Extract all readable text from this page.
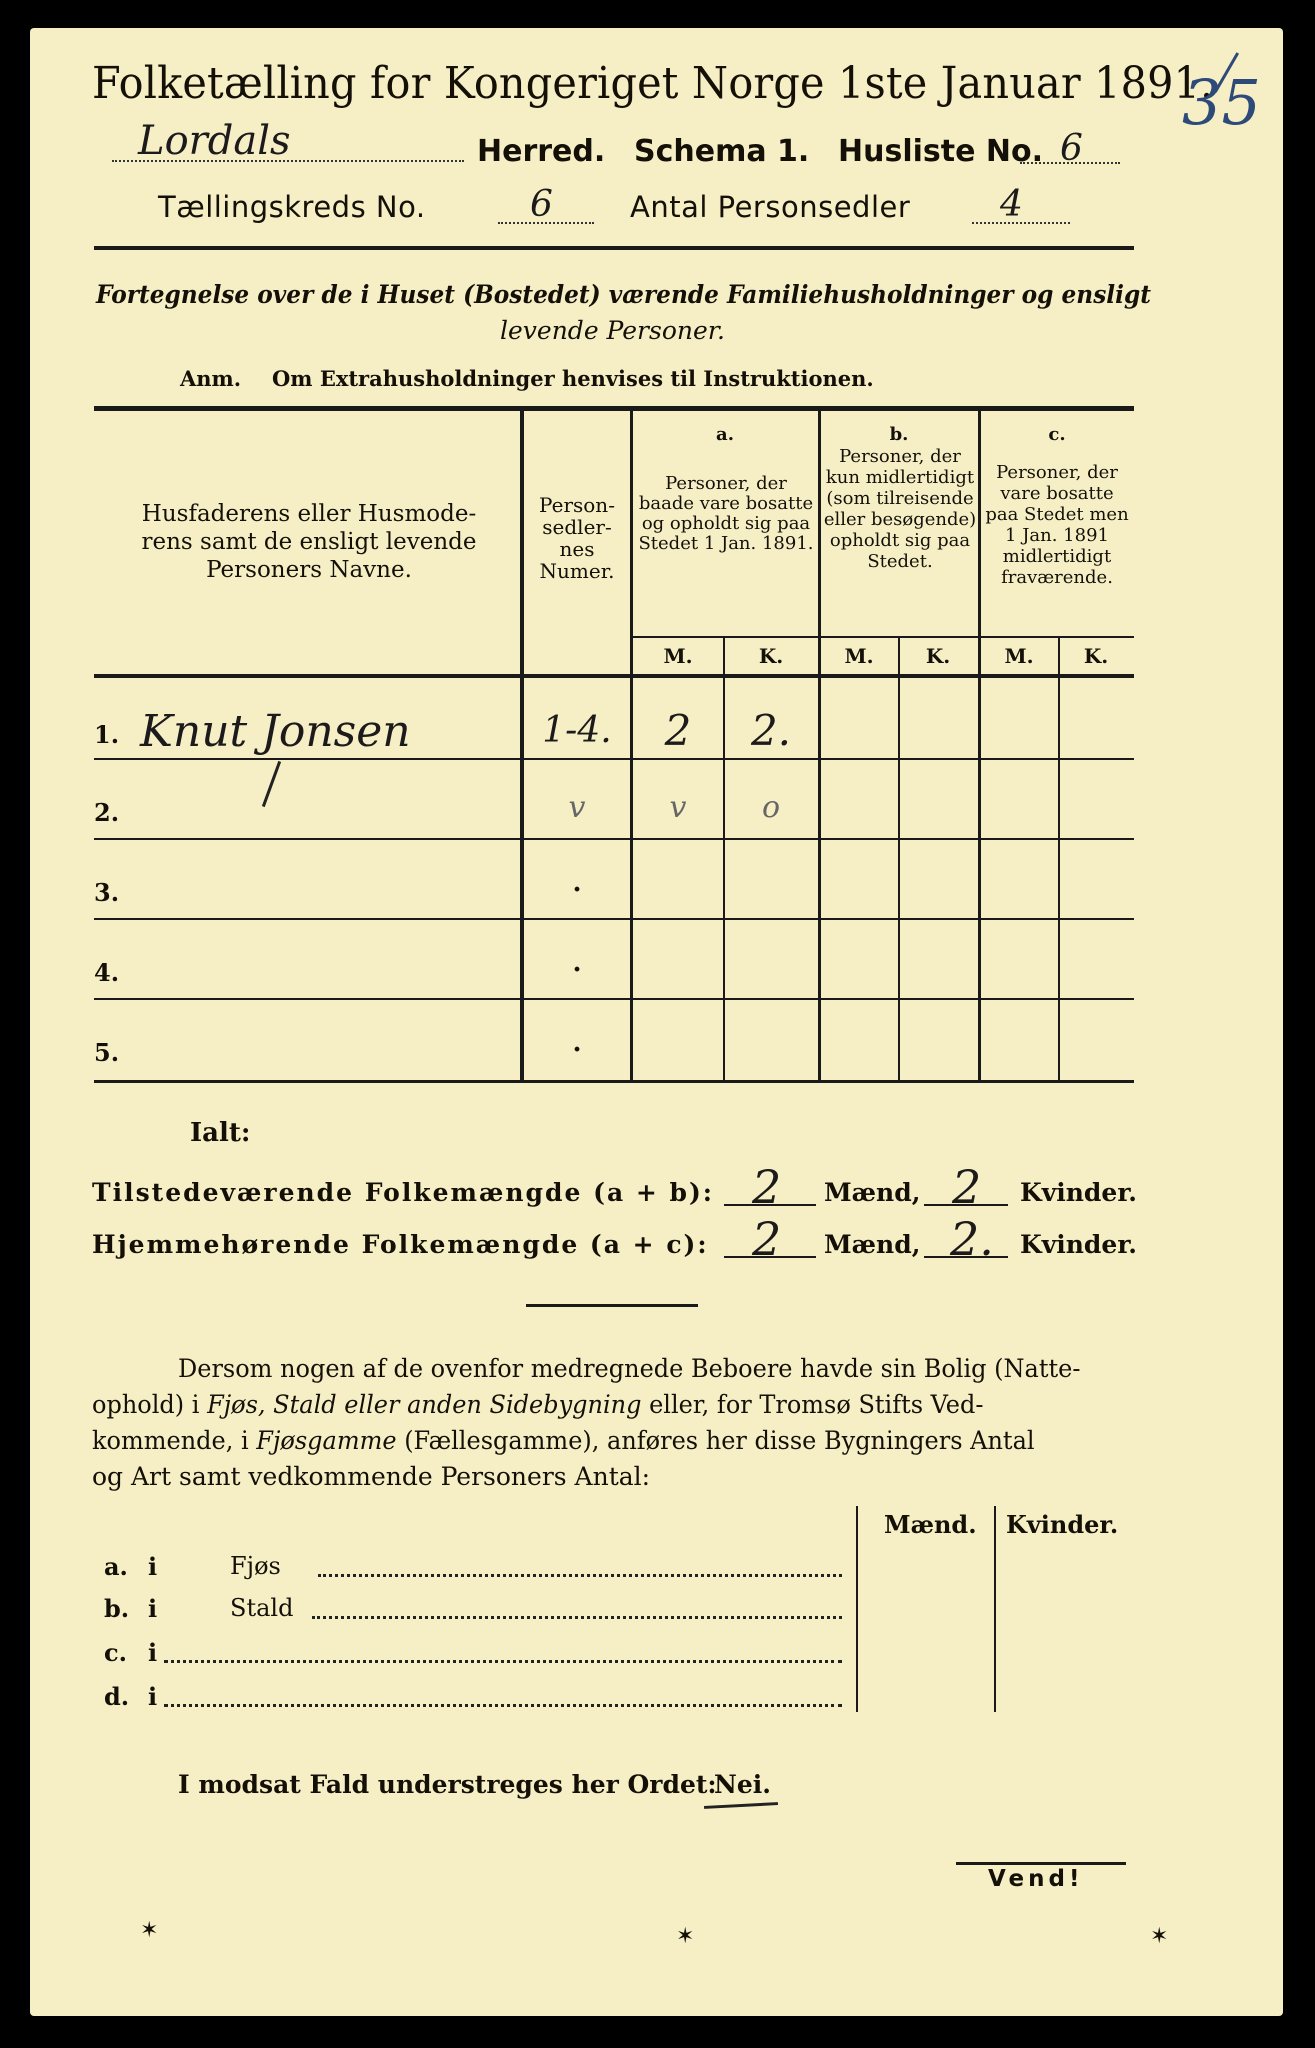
Folketælling for Kongeriget Norge 1ste Januar 1891.
35
Lordals	Herred. Schema 1. Husliste No. 6
Tællingskreds No.	6	Antal Personsedler 4
Fortegnelse over de i Huset (Bostedet) værende Familiehusholdninger og ensligt
levende Personer.
Anm. Om Extrahusholdninger henvises til Instruktionen.
Husfaderens eller Husmode-
rens samt de ensligt levende
Personers Navne.
Person-
sedler-
nes
Numer.
a.
Personer, der baade vare bosatte og opholdt sig paa Stedet 1 Jan. 1891.
b.
Personer, der kun midlertidigt (som tilreisende eller besøgende) opholdt sig paa Stedet.
c.
Personer, der vare bosatte paa Stedet men 1 Jan. 1891 midlertidigt fraværende.
M.	K.	M.	K.	M.	K.
1. Knut Jonsen	1-4.	2	2.
2.	v	v	o
3.	.
4.	.
5.	.
Ialt:
Tilstedeværende Folkemængde (a + b): 2 Mænd, 2 Kvinder.
Hjemmehørende Folkemængde (a + c): 2 Mænd, 2. Kvinder.
Dersom nogen af de ovenfor medregnede Beboere havde sin Bolig (Natte-
ophold) i Fjøs, Stald eller anden Sidebygning eller, for Tromsø Stifts Ved-
kommende, i Fjøsgamme (Fællesgamme), anføres her disse Bygningers Antal
og Art samt vedkommende Personers Antal:
Mænd. Kvinder.
a. i	Fjøs
b. i	Stald
c. i
d. i
I modsat Fald understreges her Ordet:
Nei.
Vend!
✶	✶	✶
